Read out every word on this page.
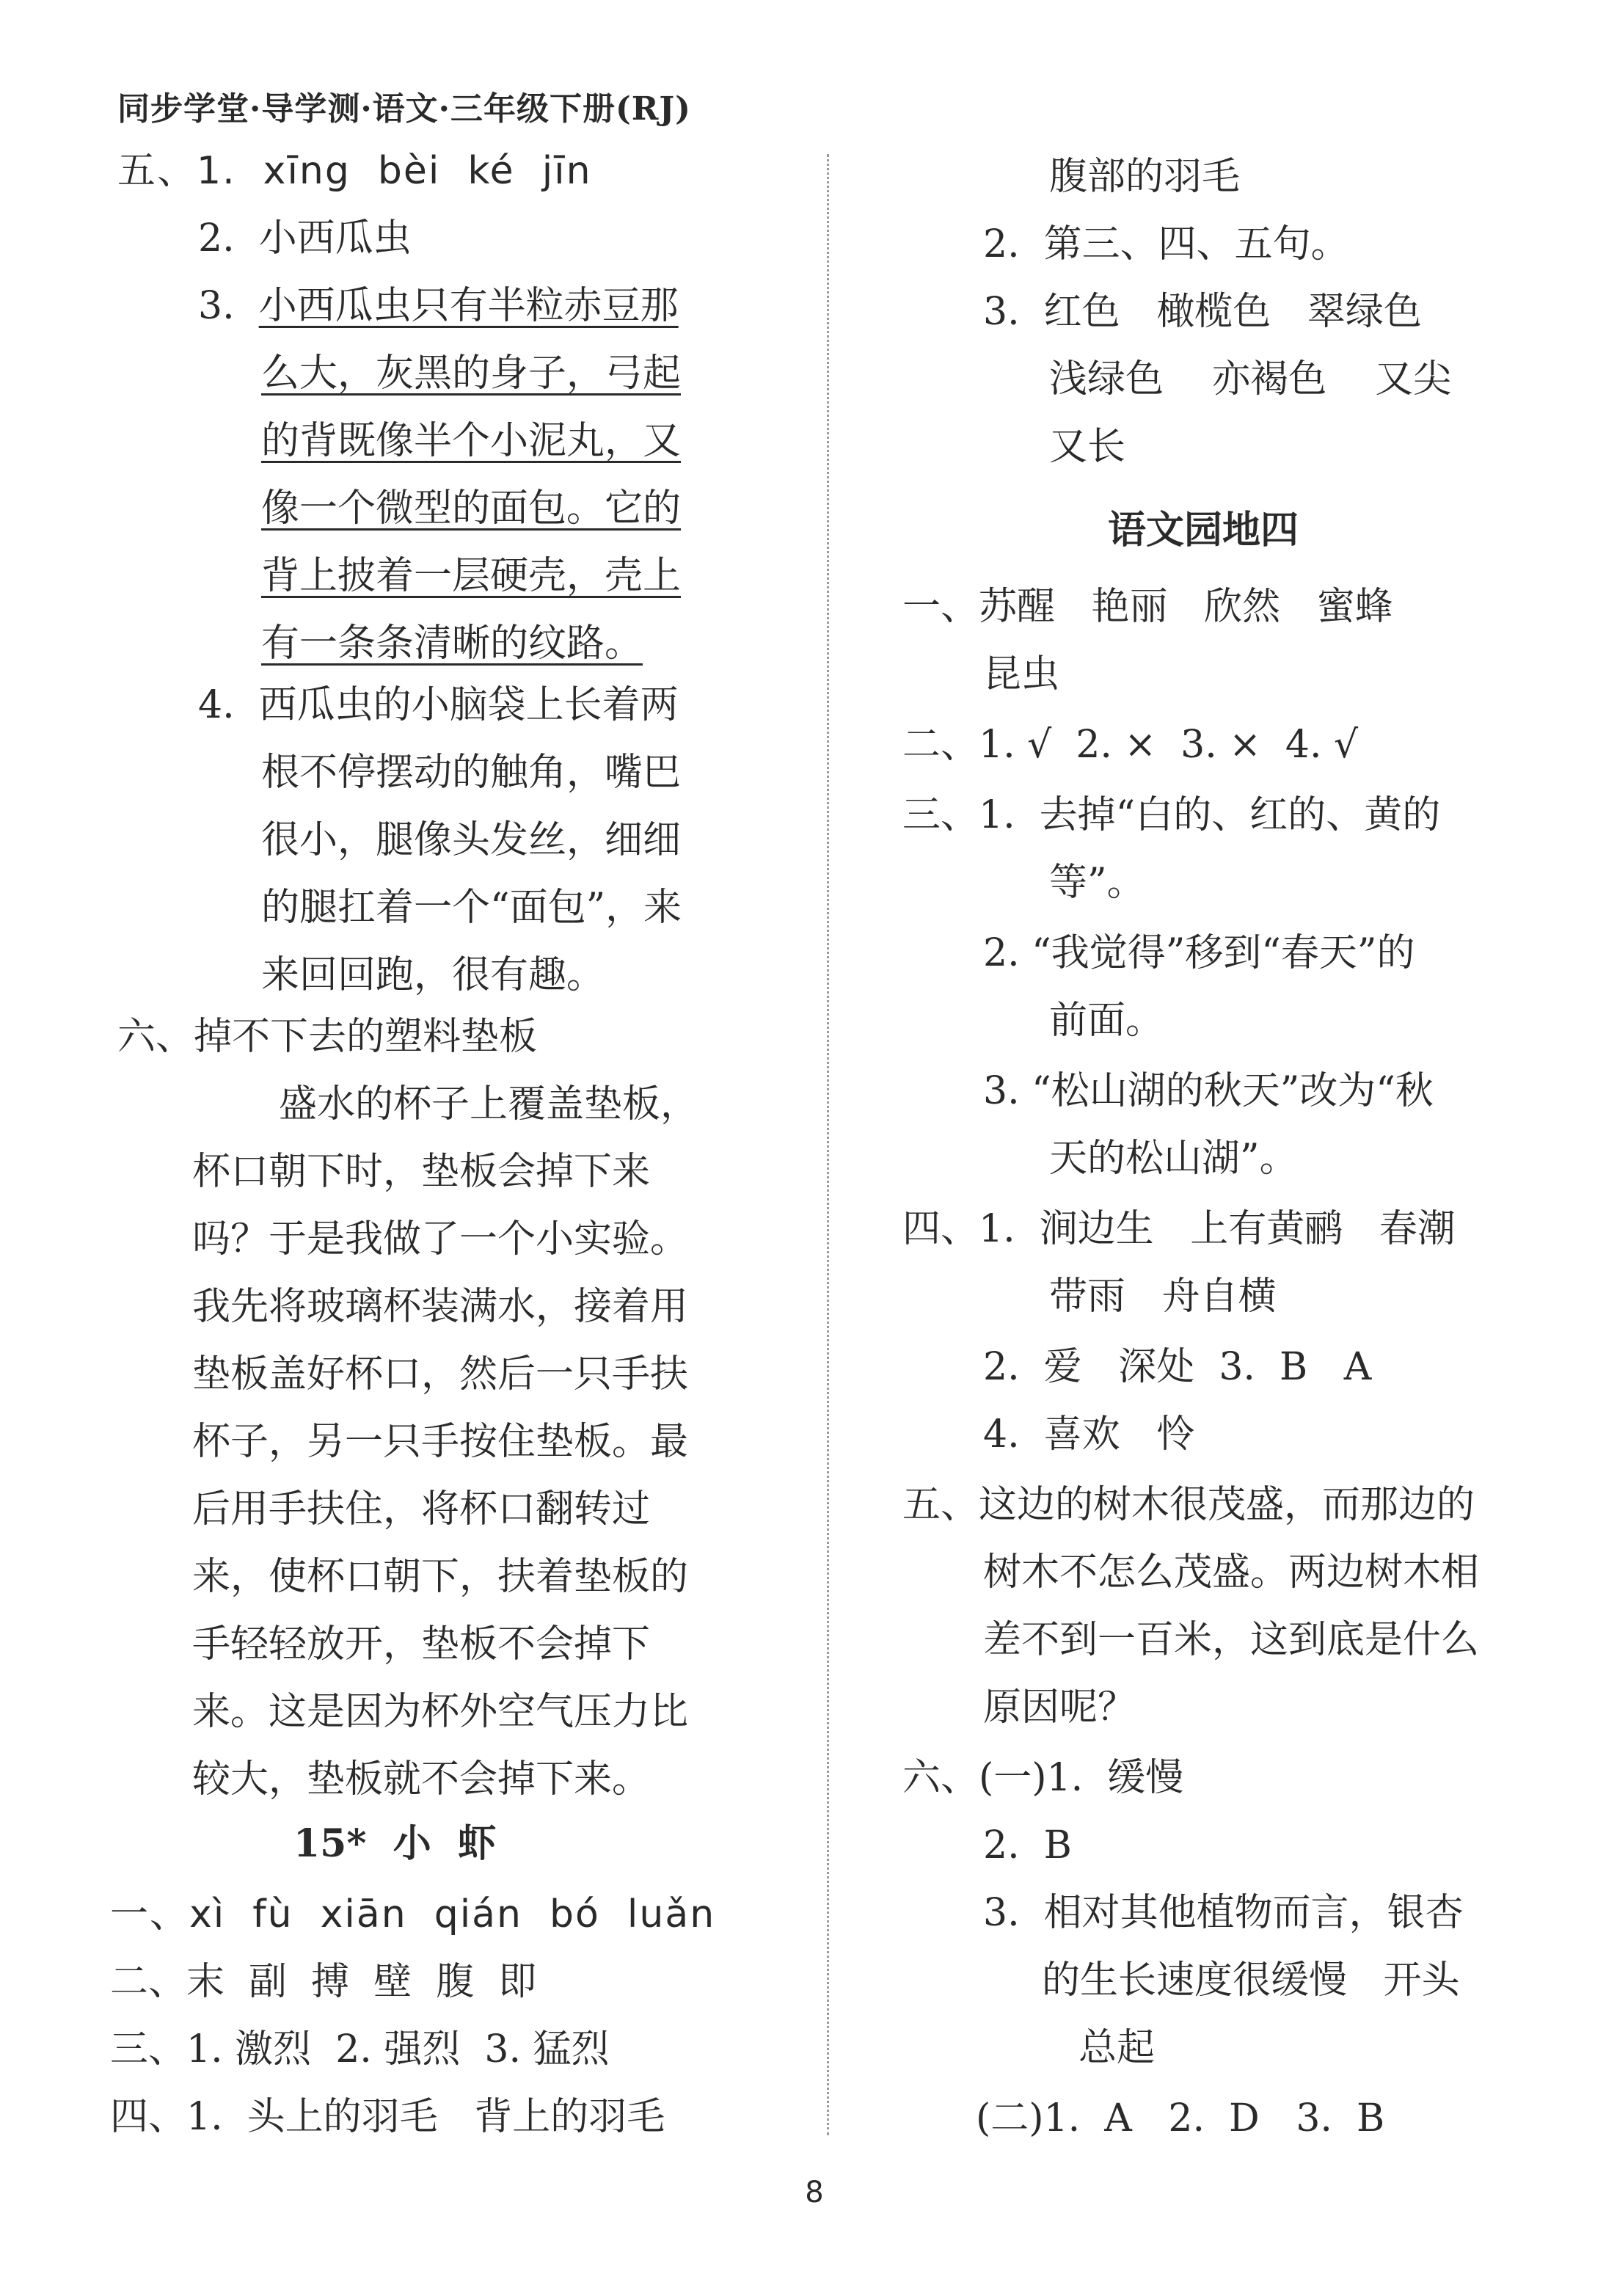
同步学堂·导学测·语文·三年级下册(RJ)
五、1.  xīng  bèi  ké  jīn
2.  小西瓜虫
3.  小西瓜虫只有半粒赤豆那
么大，灰黑的身子，弓起
的背既像半个小泥丸，又
像一个微型的面包。它的
背上披着一层硬壳，壳上
有一条条清晰的纹路。
4.  西瓜虫的小脑袋上长着两
根不停摆动的触角，嘴巴
很小，腿像头发丝，细细
的腿扛着一个“面包”，来
来回回跑，很有趣。
六、掉不下去的塑料垫板
盛水的杯子上覆盖垫板，
杯口朝下时，垫板会掉下来
吗？于是我做了一个小实验。
我先将玻璃杯装满水，接着用
垫板盖好杯口，然后一只手扶
杯子，另一只手按住垫板。最
后用手扶住，将杯口翻转过
来，使杯口朝下，扶着垫板的
手轻轻放开，垫板不会掉下
来。这是因为杯外空气压力比
较大，垫板就不会掉下来。
15*  小  虾
一、xì  fù  xiān  qián  bó  luǎn
二、末  副  搏  壁  腹  即
三、1. 激烈  2. 强烈  3. 猛烈
四、1.  头上的羽毛   背上的羽毛
腹部的羽毛
2.  第三、四、五句。
3.  红色   橄榄色   翠绿色
浅绿色    亦褐色    又尖
又长
语文园地四
一、苏醒   艳丽   欣然   蜜蜂
昆虫
二、1. √  2. ×  3. ×  4. √
三、1.  去掉“白的、红的、黄的
等”。
2. “我觉得”移到“春天”的
前面。
3. “松山湖的秋天”改为“秋
天的松山湖”。
四、1.  涧边生   上有黄鹂   春潮
带雨   舟自横
2.  爱   深处  3.  B   A
4.  喜欢   怜
五、这边的树木很茂盛，而那边的
树木不怎么茂盛。两边树木相
差不到一百米，这到底是什么
原因呢？
六、(一)1.  缓慢
2.  B
3.  相对其他植物而言，银杏
的生长速度很缓慢   开头
总起
(二)1.  A   2.  D   3.  B
8
